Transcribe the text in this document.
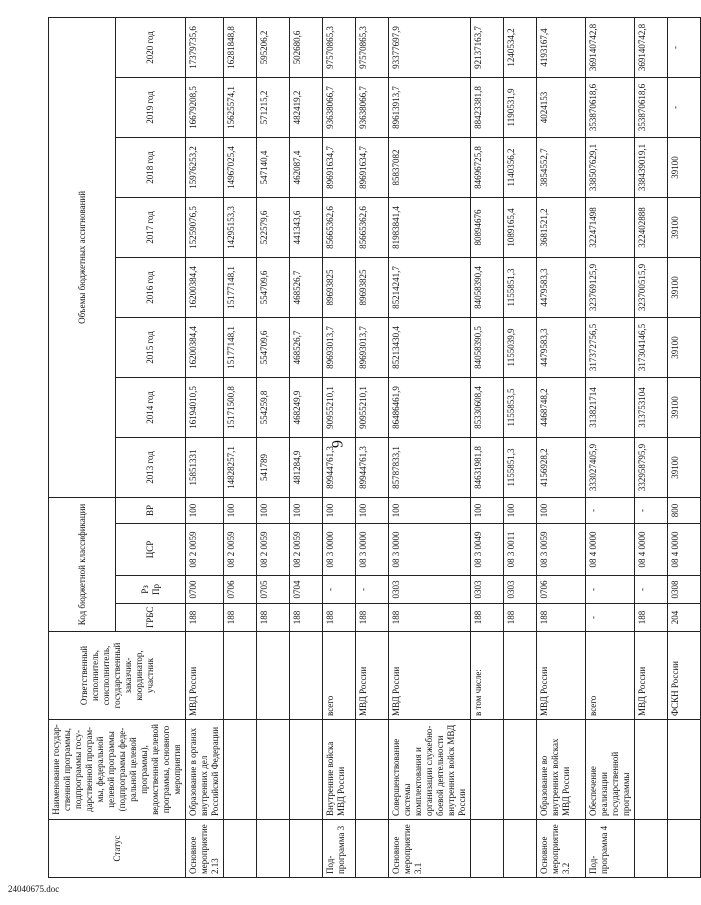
6
24040675.doc
Статус	Наименование государ-ственной программы, подпрограммы госу-дарственной програм-мы, федеральной целевой программы (подпрограммы феде-ральной целевой программы), ведомственной целевой программы, основного мероприятия	Ответственный исполнитель, соисполнитель, государственный заказчик-координатор, участник	Код бюджетной классификации				Объемы бюджетных ассигнований							
			ГРБС	Рз Пр	ЦСР	ВР	2013 год	2014 год	2015 год	2016 год	2017 год	2018 год	2019 год	2020 год
Основное мероприятие 2.13	Образование в органах внутренних дел Российской Федерации	МВД России	188	0700	08 2 0059	100	15851331	16194010,5	16200384,4	16200384,4	15259076,5	15976253,2	16679208,5	17379735,6
			188	0706	08 2 0059	100	14828257,1	15171500,8	15177148,1	15177148,1	14295153,3	14967025,4	15625574,1	16281848,8
			188	0705	08 2 0059	100	541789	554259,8	554709,6	554709,6	522579,6	547140,4	571215,2	595206,2
			188	0704	08 2 0059	100	481284,9	468249,9	468526,7	468526,7	441343,6	462087,4	482419,2	502680,6
Под-программа 3	Внутренние войска МВД России	всего	188	-	08 3 0000	100	89944761,3	90955210,1	89693013,7	89693825	85665362,6	89691634,7	93638066,7	97570865,3
		МВД России	188	-	08 3 0000	100	89944761,3	90955210,1	89693013,7	89693825	85665362,6	89691634,7	93638066,7	97570865,3
Основное мероприятие 3.1	Совершенствование системы комплектования и организации служебно-боевой деятельности внутренних войск МВД России	МВД России	188	0303	08 3 0000	100	85787833,1	86486461,9	85213430,4	85214241,7	81983841,4	85837082	89613913,7	93377697,9
		в том числе:	188	0303	08 3 0049	100	84631981,8	85330608,4	84058390,5	84058390,4	80894676	84696725,8	88423381,8	92137163,7
			188	0303	08 3 0011	100	1155851,3	1155853,5	1155039,9	1155851,3	1089165,4	1140356,2	1190531,9	1240534,2
Основное мероприятие 3.2	Образование во внутренних войсках МВД России	МВД России	188	0706	08 3 0059	100	4156928,2	4468748,2	4479583,3	4479583,3	3681521,2	3854552,7	4024153	4193167,4
Под-программа 4	Обеспечение реализации государственной программы	всего	-	-	08 4 0000	-	333027405,9	313821714	317372756,5	323769125,9	322471498	338507629,1	353870618,6	369140742,8
		МВД России	188	-	08 4 0000	-	332958795,9	313753104	317304146,5	323700515,9	322402888	338439019,1	353870618,6	369140742,8
		ФСКН России	204	0308	08 4 0000	800	39100	39100	39100	39100	39100	39100	-	-
